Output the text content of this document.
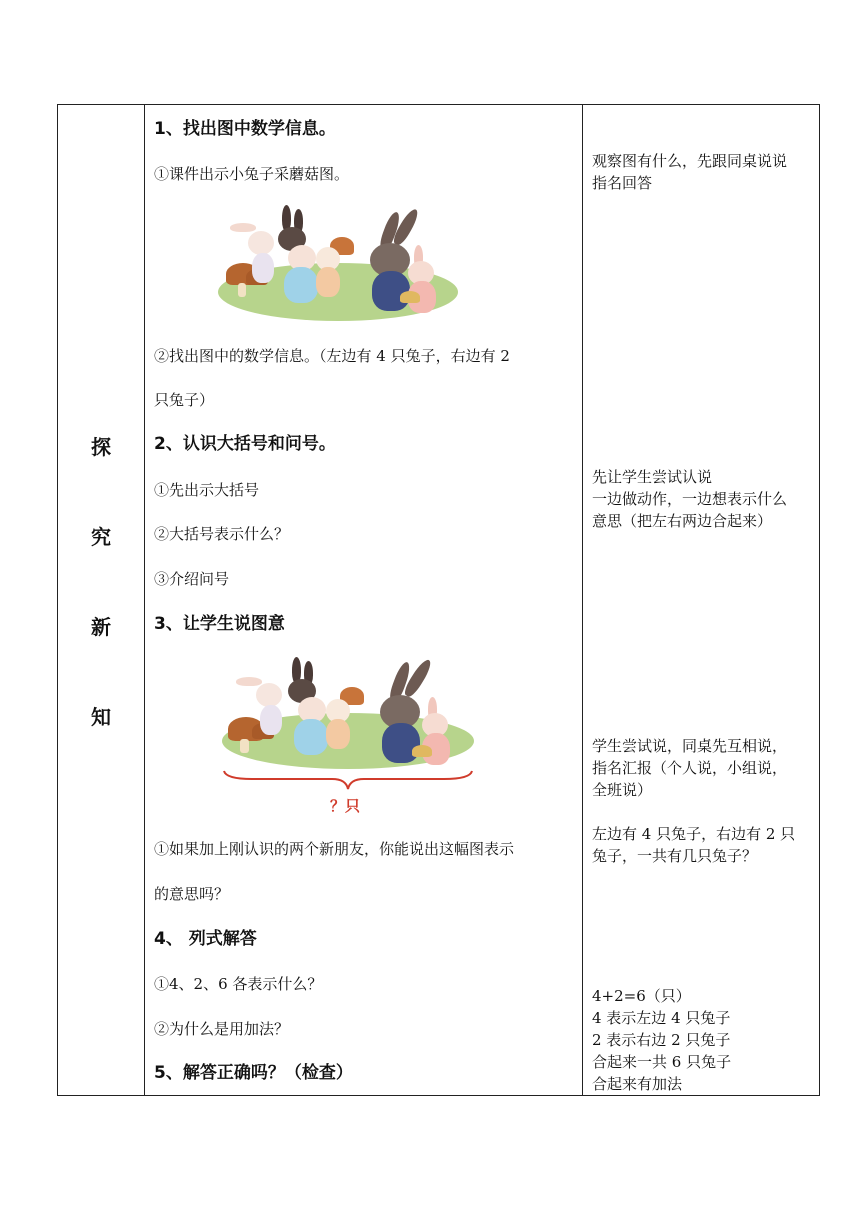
探
究
新
知
1、找出图中数学信息。
①课件出示小兔子采蘑菇图。
②找出图中的数学信息。（左边有 4 只兔子，右边有 2
只兔子）
2、认识大括号和问号。
①先出示大括号
②大括号表示什么？
③介绍问号
3、让学生说图意
？只
①如果加上刚认识的两个新朋友，你能说出这幅图表示
的意思吗？
4、 列式解答
①4、2、6 各表示什么？
②为什么是用加法？
5、解答正确吗？（检查）
观察图有什么，先跟同桌说说
指名回答
先让学生尝试认说
一边做动作，一边想表示什么
意思（把左右两边合起来）
学生尝试说，同桌先互相说，
指名汇报（个人说，小组说，
全班说）
左边有 4 只兔子，右边有 2 只
兔子，一共有几只兔子？
4+2=6（只）
4 表示左边 4 只兔子
2 表示右边 2 只兔子
合起来一共 6 只兔子
合起来有加法
